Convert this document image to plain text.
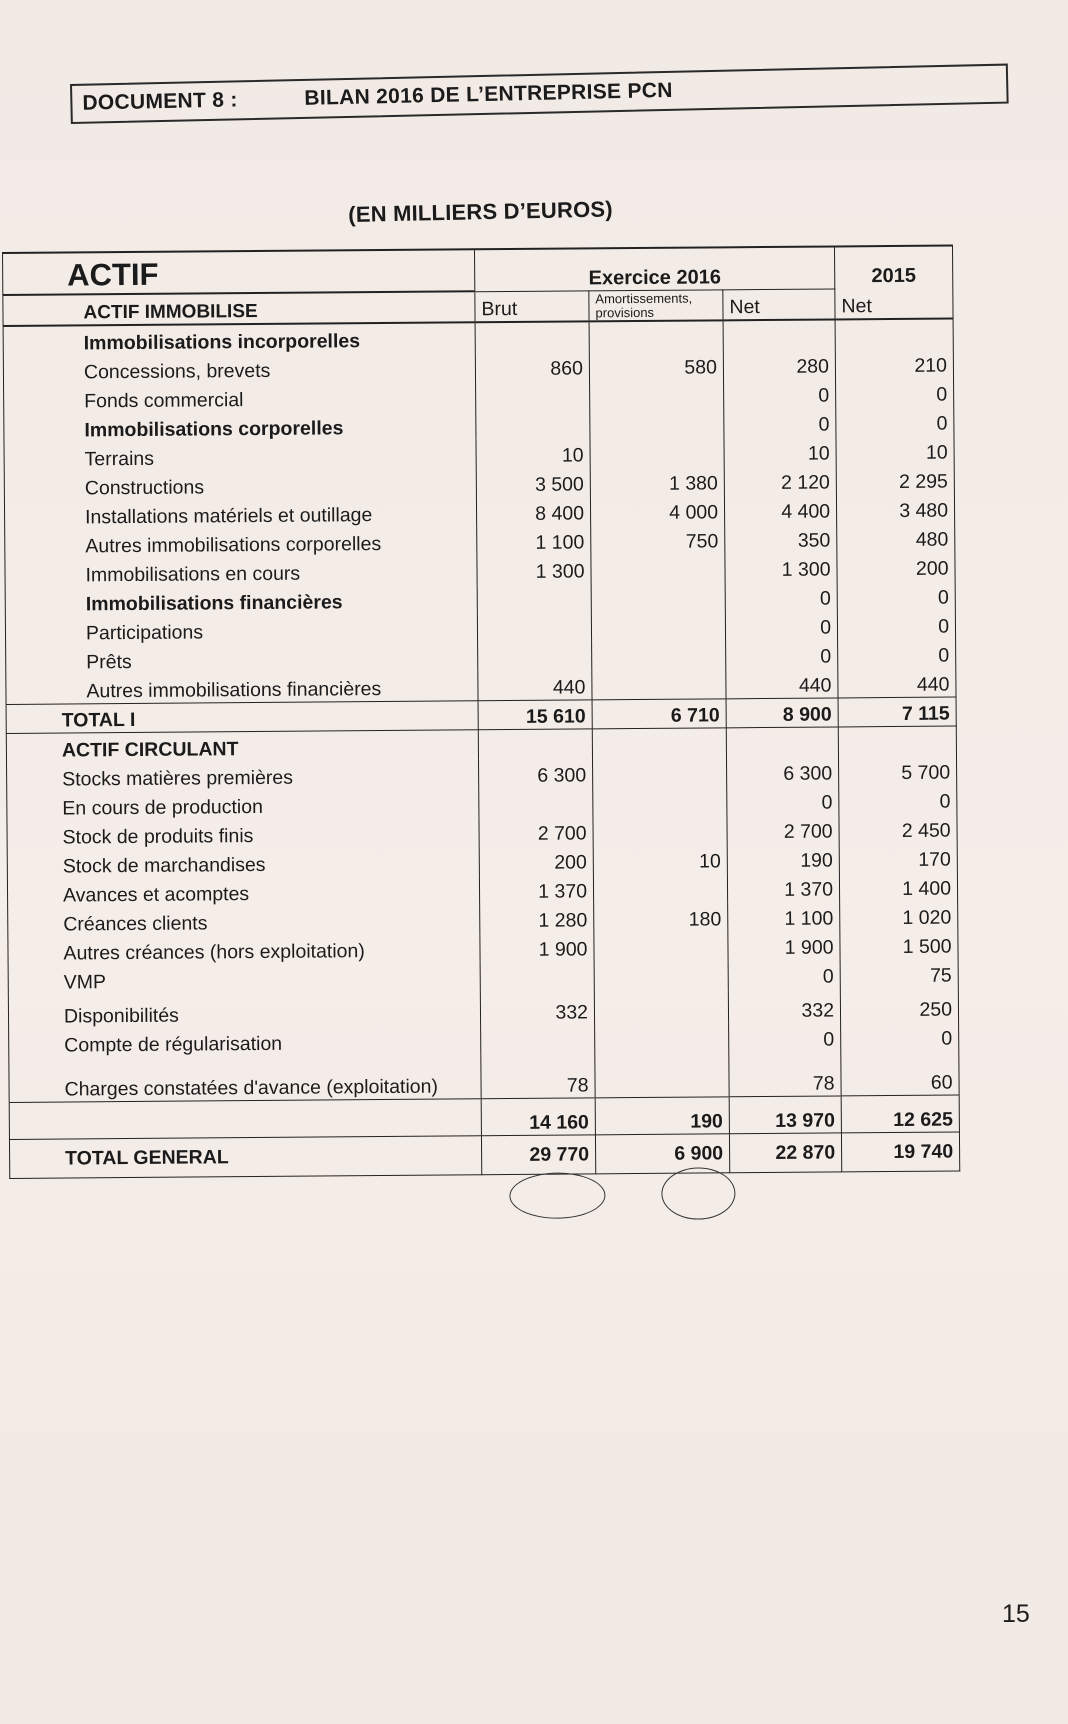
DOCUMENT 8 :	BILAN 2016 DE L’ENTREPRISE PCN
(EN MILLIERS D’EUROS)
ACTIF	Exercice 2016			2015
ACTIF IMMOBILISE	Brut	Amortissements, provisions	Net	Net
Immobilisations incorporelles				
Concessions, brevets	860	580	280	210
Fonds commercial			0	0
Immobilisations corporelles			0	0
Terrains	10		10	10
Constructions	3 500	1 380	2 120	2 295
Installations matériels et outillage	8 400	4 000	4 400	3 480
Autres immobilisations corporelles	1 100	750	350	480
Immobilisations en cours	1 300		1 300	200
Immobilisations financières			0	0
Participations			0	0
Prêts			0	0
Autres immobilisations financières	440		440	440
TOTAL I	15 610	6 710	8 900	7 115
ACTIF CIRCULANT				
Stocks matières premières	6 300		6 300	5 700
En cours de production			0	0
Stock de produits finis	2 700		2 700	2 450
Stock de marchandises	200	10	190	170
Avances et acomptes	1 370		1 370	1 400
Créances clients	1 280	180	1 100	1 020
Autres créances (hors exploitation)	1 900		1 900	1 500
VMP			0	75
Disponibilités	332		332	250
Compte de régularisation			0	0
Charges constatées d'avance (exploitation)	78		78	60
	14 160	190	13 970	12 625
TOTAL GENERAL	29 770	6 900	22 870	19 740
15
